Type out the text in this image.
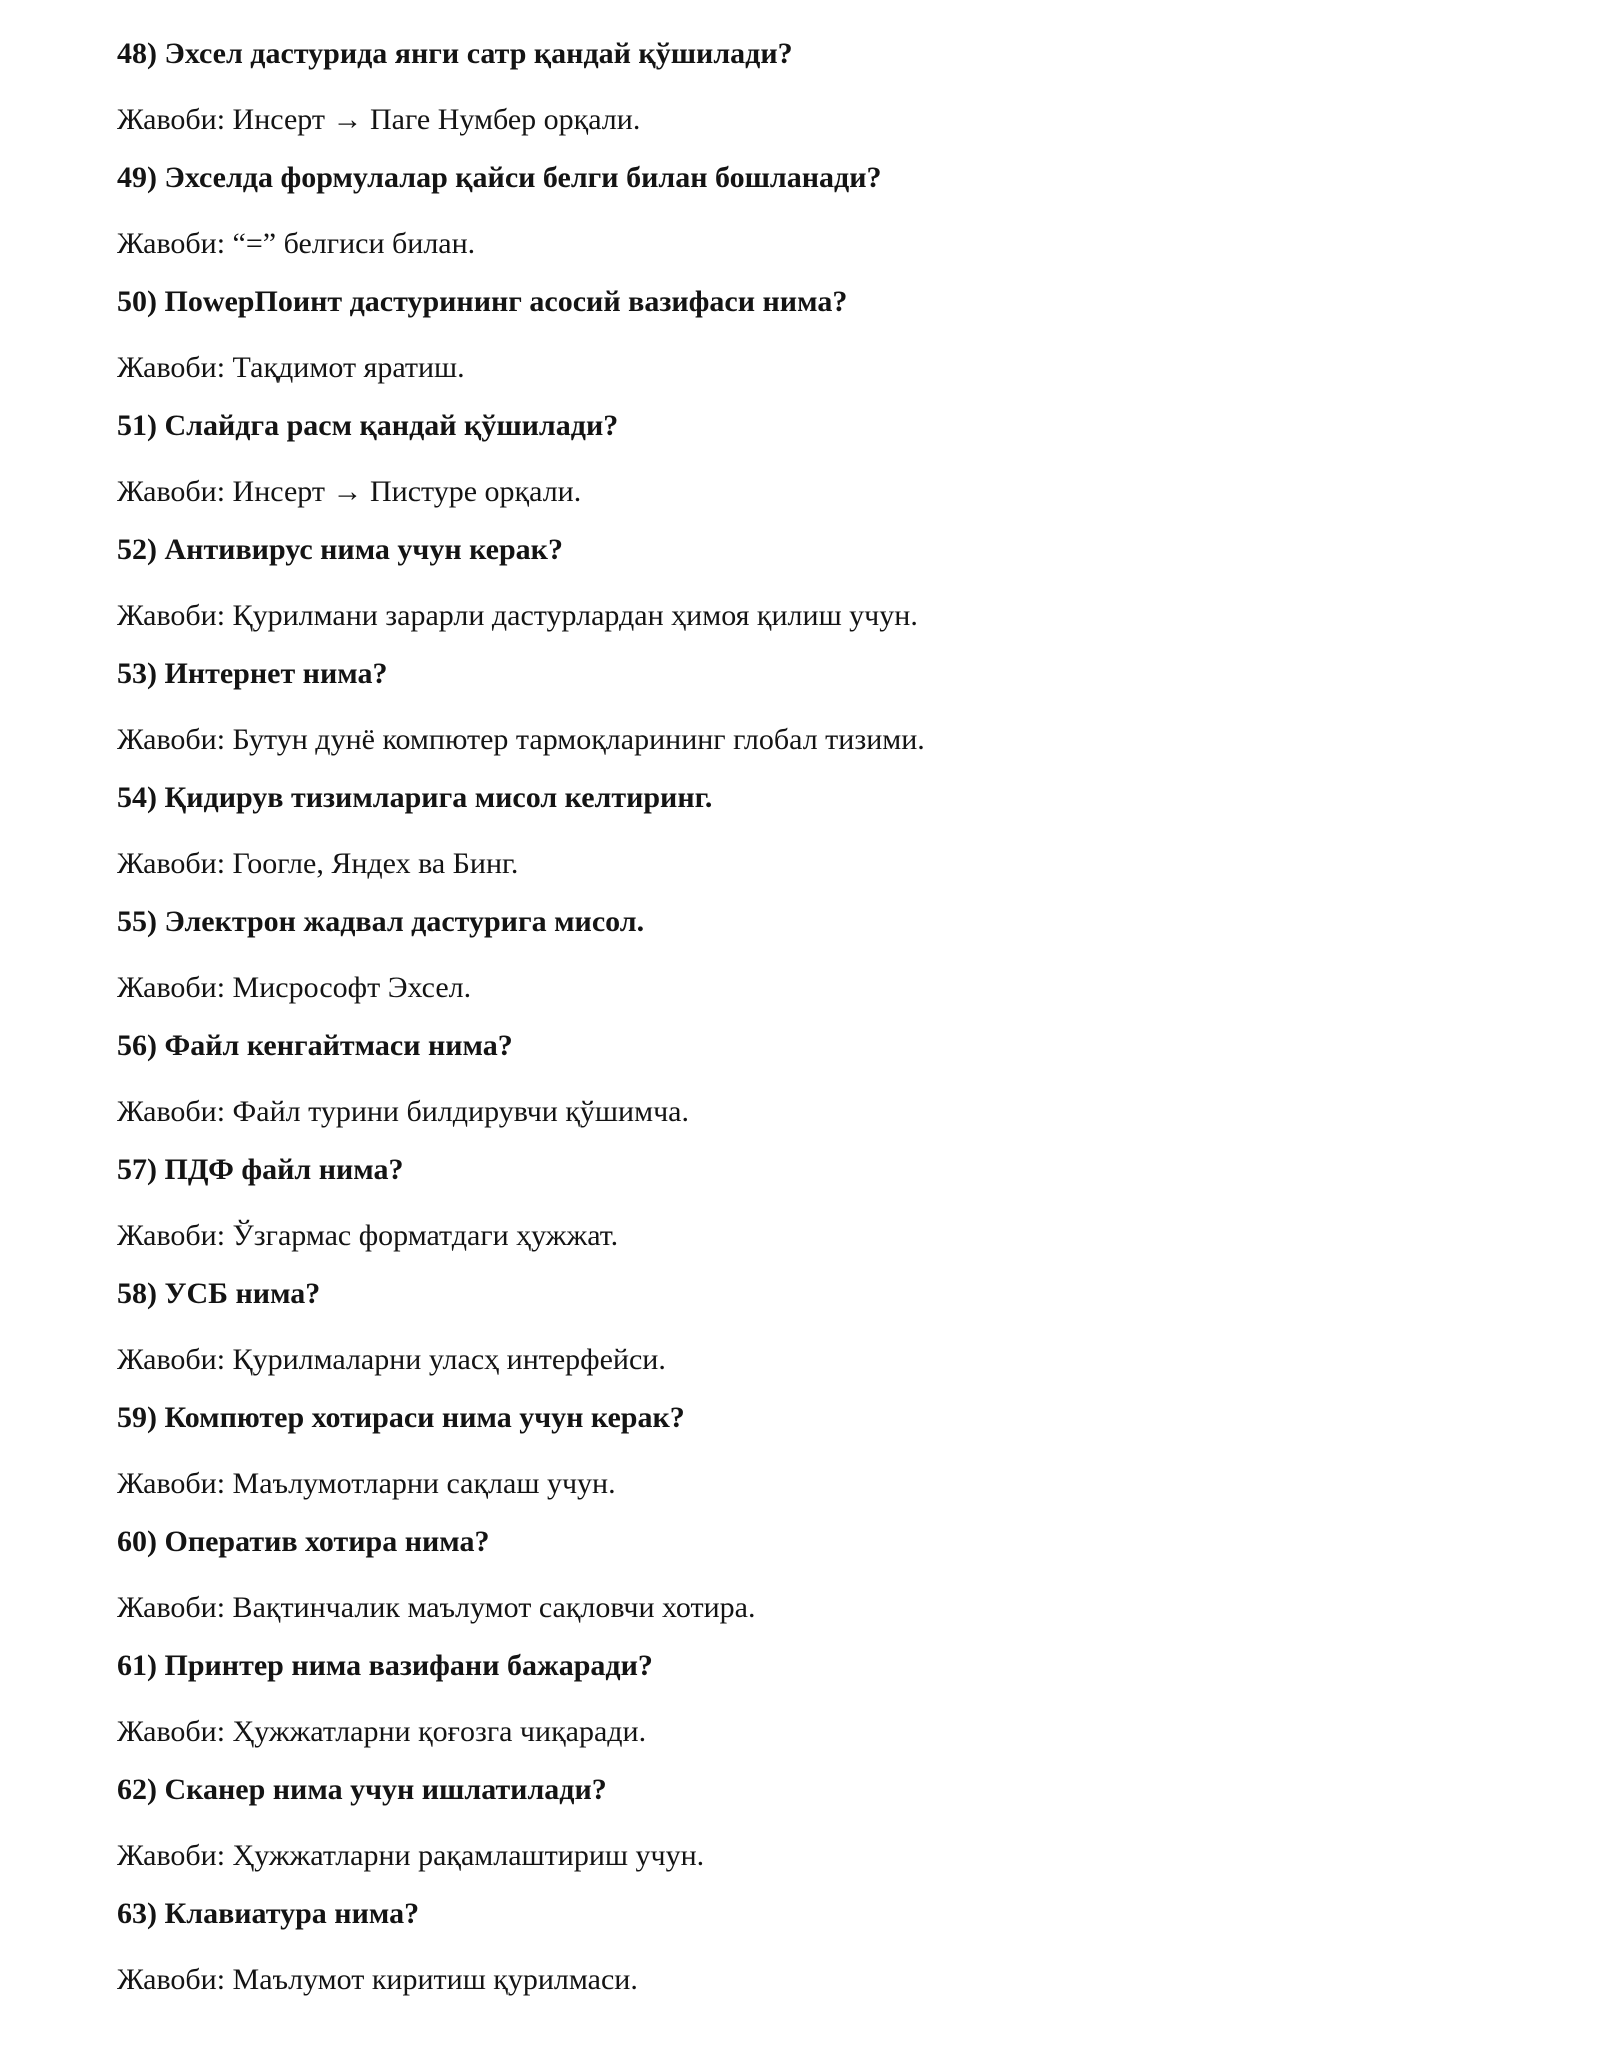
48) Эхсел дастурида янги сатр қандай қўшилади?
Жавоби: Инсерт → Паге Нумбер орқали.
49) Эхселда формулалар қайси белги билан бошланади?
Жавоби: “=” белгиси билан.
50) ПоwерПоинт дастурининг асосий вазифаси нима?
Жавоби: Тақдимот яратиш.
51) Слайдга расм қандай қўшилади?
Жавоби: Инсерт → Пистуре орқали.
52) Антивирус нима учун керак?
Жавоби: Қурилмани зарарли дастурлардан ҳимоя қилиш учун.
53) Интернет нима?
Жавоби: Бутун дунё компютер тармоқларининг глобал тизими.
54) Қидирув тизимларига мисол келтиринг.
Жавоби: Гоогле, Яндех ва Бинг.
55) Электрон жадвал дастурига мисол.
Жавоби: Мисрософт Эхсел.
56) Файл кенгайтмаси нима?
Жавоби: Файл турини билдирувчи қўшимча.
57) ПДФ файл нима?
Жавоби: Ўзгармас форматдаги ҳужжат.
58) УСБ нима?
Жавоби: Қурилмаларни уласҳ интерфейси.
59) Компютер хотираси нима учун керак?
Жавоби: Маълумотларни сақлаш учун.
60) Оператив хотира нима?
Жавоби: Вақтинчалик маълумот сақловчи хотира.
61) Принтер нима вазифани бажаради?
Жавоби: Ҳужжатларни қоғозга чиқаради.
62) Сканер нима учун ишлатилади?
Жавоби: Ҳужжатларни рақамлаштириш учун.
63) Клавиатура нима?
Жавоби: Маълумот киритиш қурилмаси.
